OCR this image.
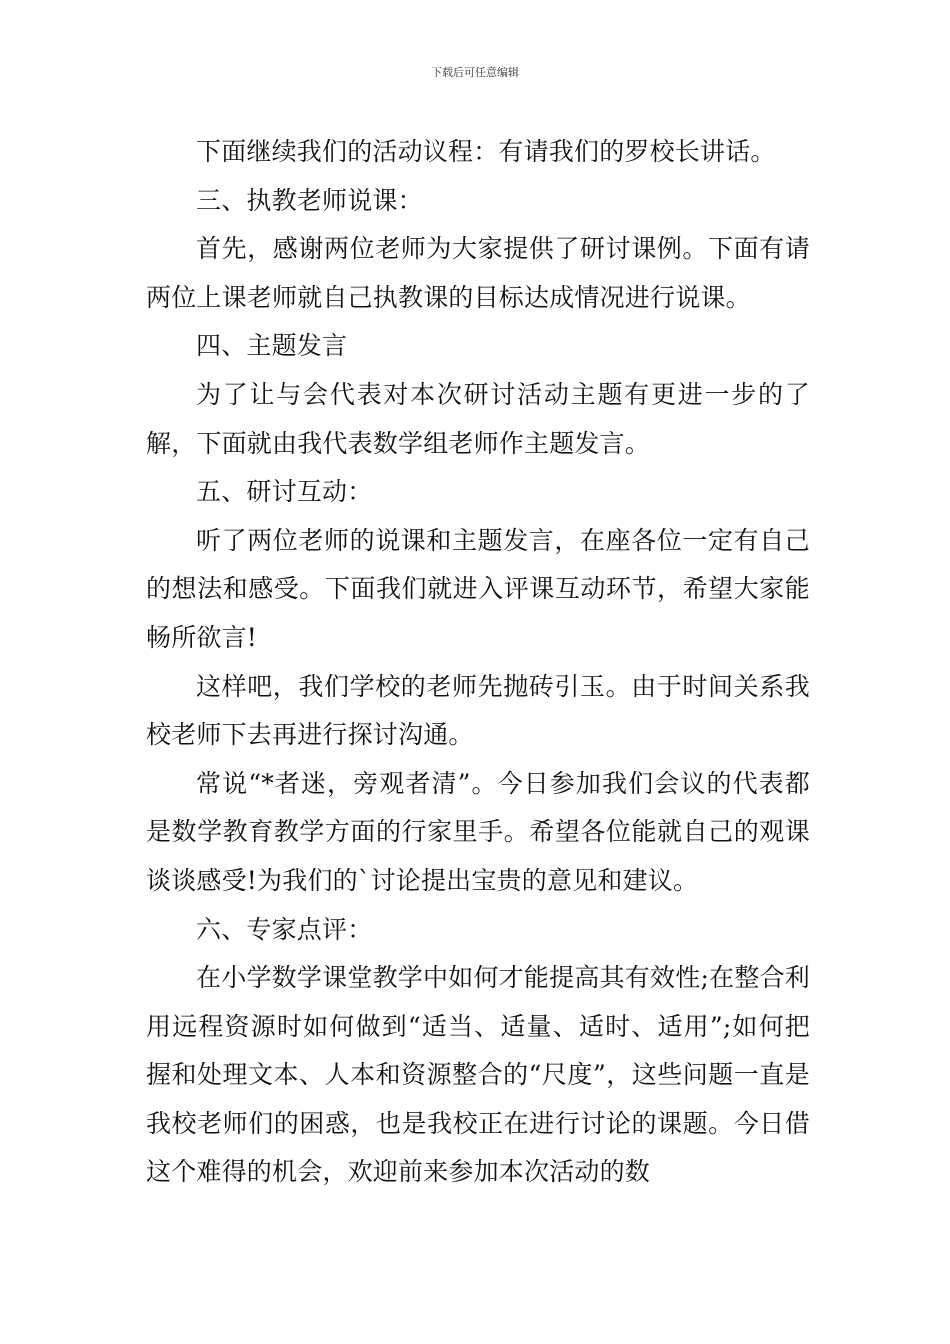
下载后可任意编辑

下面继续我们的活动议程：有请我们的罗校长讲话。

三、执教老师说课：

首先，感谢两位老师为大家提供了研讨课例。下面有请两位上课老师就自己执教课的目标达成情况进行说课。

四、主题发言

为了让与会代表对本次研讨活动主题有更进一步的了解，下面就由我代表数学组老师作主题发言。

五、研讨互动：

听了两位老师的说课和主题发言，在座各位一定有自己的想法和感受。下面我们就进入评课互动环节，希望大家能畅所欲言!

这样吧，我们学校的老师先抛砖引玉。由于时间关系我校老师下去再进行探讨沟通。

常说“*者迷，旁观者清”。今日参加我们会议的代表都是数学教育教学方面的行家里手。希望各位能就自己的观课谈谈感受!为我们的`讨论提出宝贵的意见和建议。

六、专家点评：

在小学数学课堂教学中如何才能提高其有效性;在整合利用远程资源时如何做到“适当、适量、适时、适用”;如何把握和处理文本、人本和资源整合的“尺度”，这些问题一直是我校老师们的困惑，也是我校正在进行讨论的课题。今日借这个难得的机会，欢迎前来参加本次活动的数
